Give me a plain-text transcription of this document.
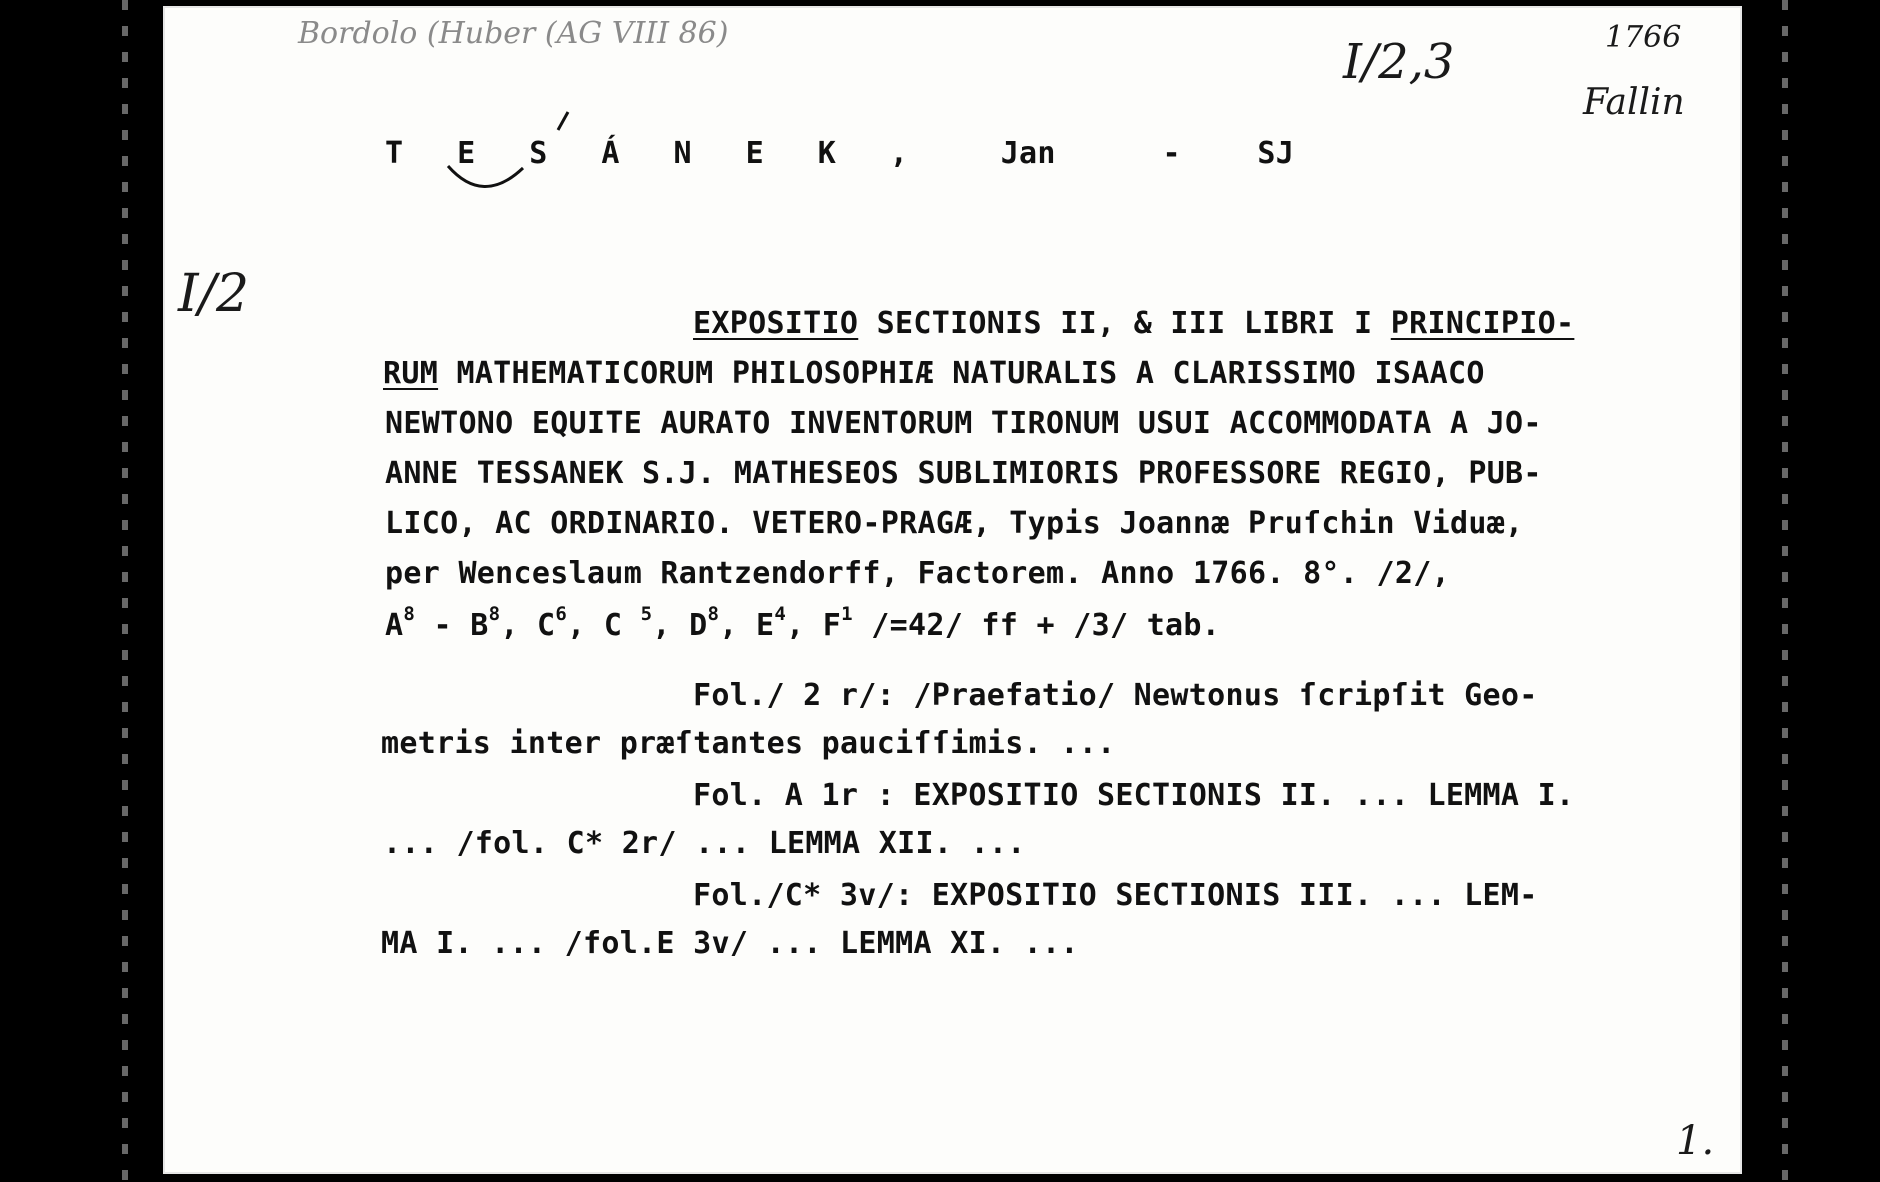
Bordolo (Huber (AG VIII 86)
I/2,3	1766
Fallin
I/2
1.
T E S Á N E K , Jan	-	SJ
EXPOSITIO SECTIONIS II, & III LIBRI I PRINCIPIO-
RUM MATHEMATICORUM PHILOSOPHIÆ NATURALIS A CLARISSIMO ISAACO
NEWTONO EQUITE AURATO INVENTORUM TIRONUM USUI ACCOMMODATA A JO-
ANNE TESSANEK S.J. MATHESEOS SUBLIMIORIS PROFESSORE REGIO, PUB-
LICO, AC ORDINARIO. VETERO-PRAGÆ, Typis Joannæ Pruſchin Viduæ,
per Wenceslaum Rantzendorff, Factorem. Anno 1766. 8°. /2/,
$A^8 - B^8$, $C^6$, C $^5$, $D^8$, $E^4$, $F^1$ /=42/ ff + /3/ tab.
Fol./ 2 r/: /Praefatio/ Newtonus ſcripſit Geo-
metris inter præſtantes pauciſſimis. ...
Fol. A 1r : EXPOSITIO SECTIONIS II. ... LEMMA I.
... /fol. C* 2r/ ... LEMMA XII. ...
Fol./C* 3v/: EXPOSITIO SECTIONIS III. ... LEM-
MA I. ... /fol.E 3v/ ... LEMMA XI. ...
